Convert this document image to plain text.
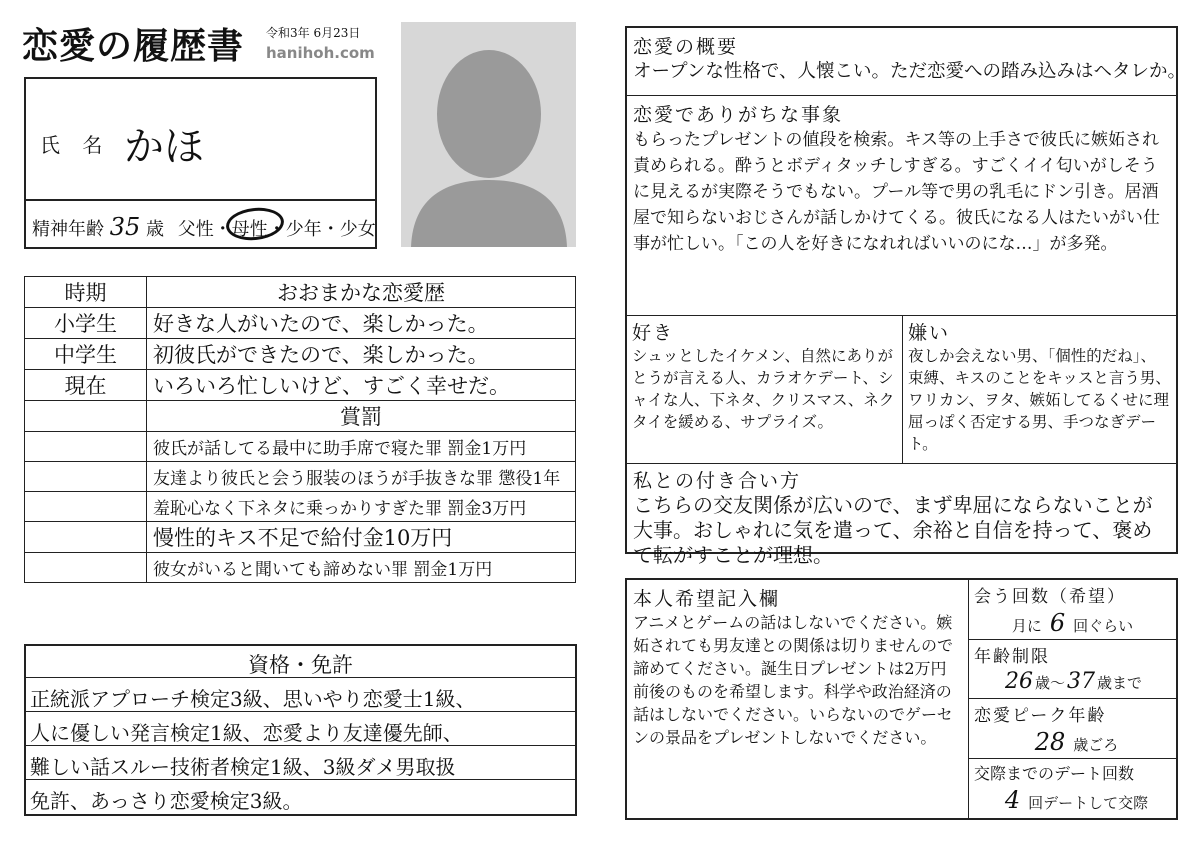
恋愛の履歴書 令和3年 6月23日
hanihoh.com
氏 名 かほ
精神年齢 35 歳 父性・
母性・少年・少女
時期	おおまかな恋愛歴
小学生	好きな人がいたので、楽しかった。
中学生	初彼氏ができたので、楽しかった。
現在	いろいろ忙しいけど、すごく幸せだ。
	賞罰
	彼氏が話してる最中に助手席で寝た罪 罰金1万円
	友達より彼氏と会う服装のほうが手抜きな罪 懲役1年
	羞恥心なく下ネタに乗っかりすぎた罪 罰金3万円
	慢性的キス不足で給付金10万円
	彼女がいると聞いても諦めない罪 罰金1万円
資格・免許
正統派アプローチ検定3級、思いやり恋愛士1級、
人に優しい発言検定1級、恋愛より友達優先師、
難しい話スルー技術者検定1級、3級ダメ男取扱
免許、あっさり恋愛検定3級。
恋愛の概要
オープンな性格で、人懐こい。ただ恋愛への踏み込みはヘタレか。
恋愛でありがちな事象
もらったプレゼントの値段を検索。キス等の上手さで彼氏に嫉妬され責められる。酔うとボディタッチしすぎる。すごくイイ匂いがしそうに見えるが実際そうでもない。プール等で男の乳毛にドン引き。居酒屋で知らないおじさんが話しかけてくる。彼氏になる人はたいがい仕事が忙しい。「この人を好きになれればいいのにな…」が多発。
好き
シュッとしたイケメン、自然にありがとうが言える人、カラオケデート、シャイな人、下ネタ、クリスマス、ネクタイを緩める、サプライズ。
嫌い
夜しか会えない男、「個性的だね」、束縛、キスのことをキッスと言う男、ワリカン、ヲタ、嫉妬してるくせに理屈っぽく否定する男、手つなぎデート。
私との付き合い方
こちらの交友関係が広いので、まず卑屈にならないことが大事。おしゃれに気を遣って、余裕と自信を持って、褒めて転がすことが理想。
本人希望記入欄
アニメとゲームの話はしないでください。嫉妬されても男友達との関係は切りませんので諦めてください。誕生日プレゼントは2万円前後のものを希望します。科学や政治経済の話はしないでください。いらないのでゲーセンの景品をプレゼントしないでください。
会う回数（希望）
月に 6 回ぐらい
年齢制限
26 歳〜37 歳まで
恋愛ピーク年齢
28 歳ごろ
交際までのデート回数
4 回デートして交際
